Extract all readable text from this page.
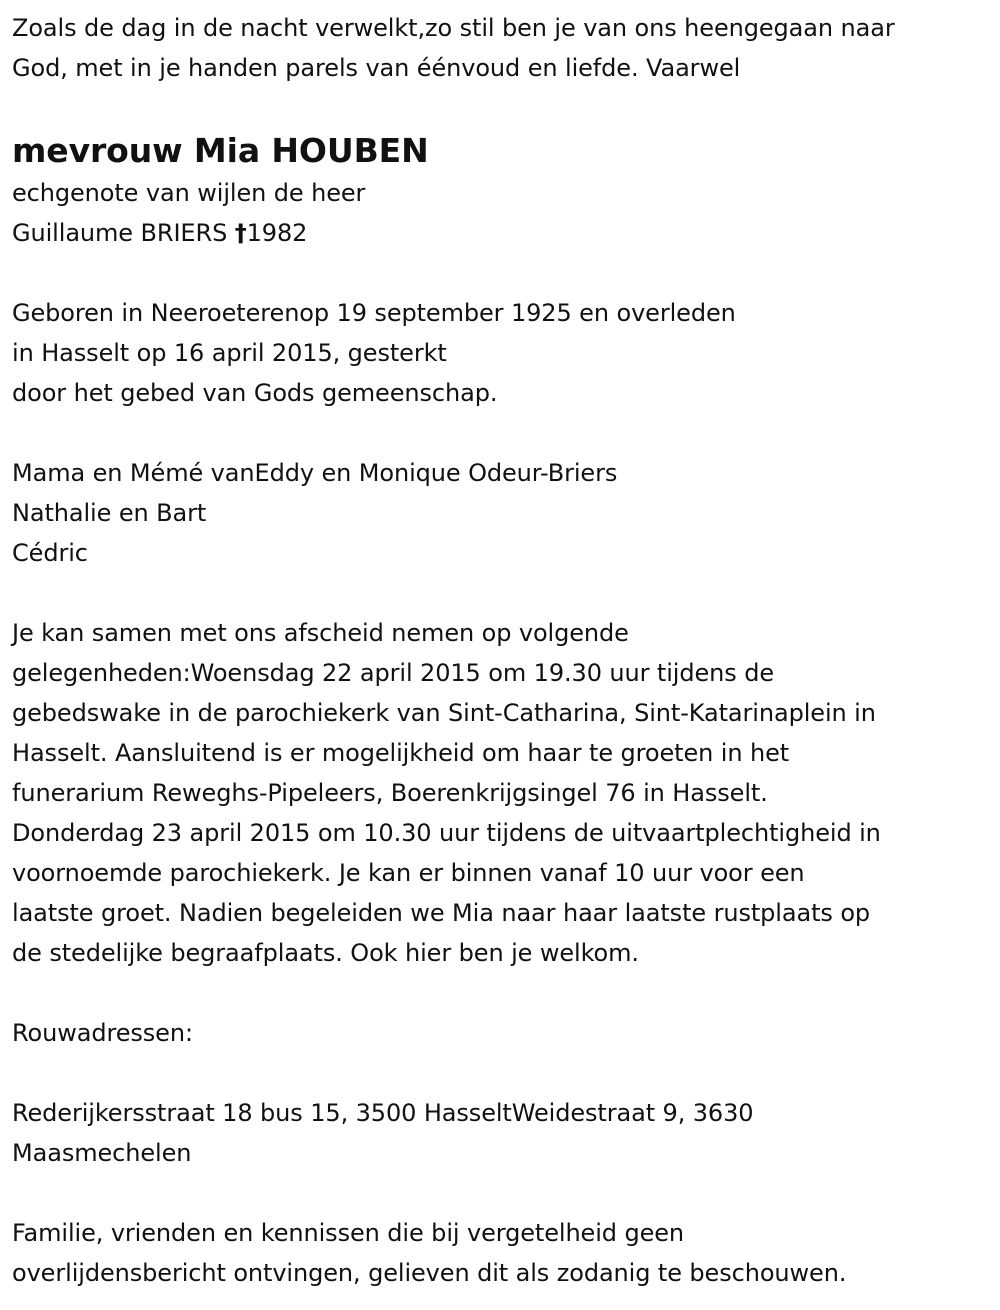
Zoals de dag in de nacht verwelkt,zo stil ben je van ons heengegaan naar
God, met in je handen parels van éénvoud en liefde. Vaarwel
mevrouw Mia HOUBEN
echgenote van wijlen de heer
Guillaume BRIERS †1982
Geboren in Neeroeterenop 19 september 1925 en overleden
in Hasselt op 16 april 2015, gesterkt
door het gebed van Gods gemeenschap.
Mama en Mémé vanEddy en Monique Odeur-Briers
Nathalie en Bart
Cédric
Je kan samen met ons afscheid nemen op volgende
gelegenheden:Woensdag 22 april 2015 om 19.30 uur tijdens de
gebedswake in de parochiekerk van Sint-Catharina, Sint-Katarinaplein in
Hasselt. Aansluitend is er mogelijkheid om haar te groeten in het
funerarium Reweghs-Pipeleers, Boerenkrijgsingel 76 in Hasselt.
Donderdag 23 april 2015 om 10.30 uur tijdens de uitvaartplechtigheid in
voornoemde parochiekerk. Je kan er binnen vanaf 10 uur voor een
laatste groet. Nadien begeleiden we Mia naar haar laatste rustplaats op
de stedelijke begraafplaats. Ook hier ben je welkom.
Rouwadressen:
Rederijkersstraat 18 bus 15, 3500 HasseltWeidestraat 9, 3630
Maasmechelen
Familie, vrienden en kennissen die bij vergetelheid geen
overlijdensbericht ontvingen, gelieven dit als zodanig te beschouwen.
